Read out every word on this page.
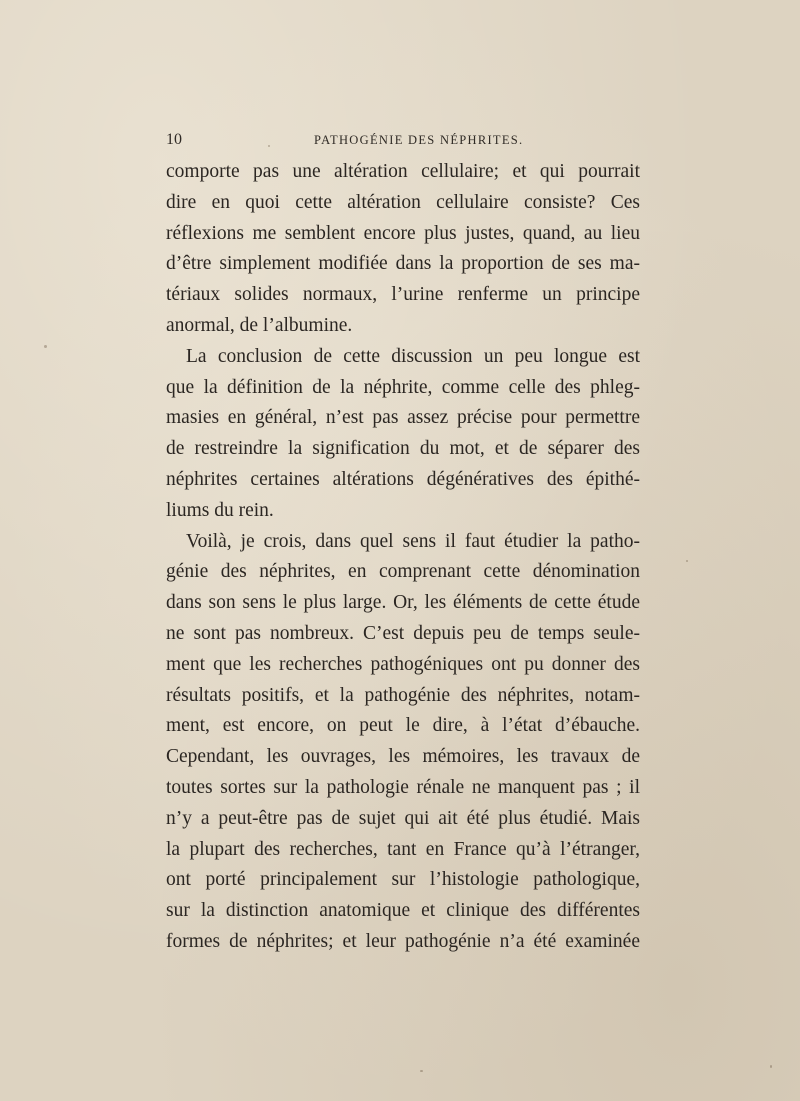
10	PATHOGÉNIE DES NÉPHRITES.
comporte pas une altération cellulaire; et qui pourrait
dire en quoi cette altération cellulaire consiste? Ces
réflexions me semblent encore plus justes, quand, au lieu
d’être simplement modifiée dans la proportion de ses ma-
tériaux solides normaux, l’urine renferme un principe
anormal, de l’albumine.
La conclusion de cette discussion un peu longue est
que la définition de la néphrite, comme celle des phleg-
masies en général, n’est pas assez précise pour permettre
de restreindre la signification du mot, et de séparer des
néphrites certaines altérations dégénératives des épithé-
liums du rein.
Voilà, je crois, dans quel sens il faut étudier la patho-
génie des néphrites, en comprenant cette dénomination
dans son sens le plus large. Or, les éléments de cette étude
ne sont pas nombreux. C’est depuis peu de temps seule-
ment que les recherches pathogéniques ont pu donner des
résultats positifs, et la pathogénie des néphrites, notam-
ment, est encore, on peut le dire, à l’état d’ébauche.
Cependant, les ouvrages, les mémoires, les travaux de
toutes sortes sur la pathologie rénale ne manquent pas ; il
n’y a peut-être pas de sujet qui ait été plus étudié. Mais
la plupart des recherches, tant en France qu’à l’étranger,
ont porté principalement sur l’histologie pathologique,
sur la distinction anatomique et clinique des différentes
formes de néphrites; et leur pathogénie n’a été examinée
